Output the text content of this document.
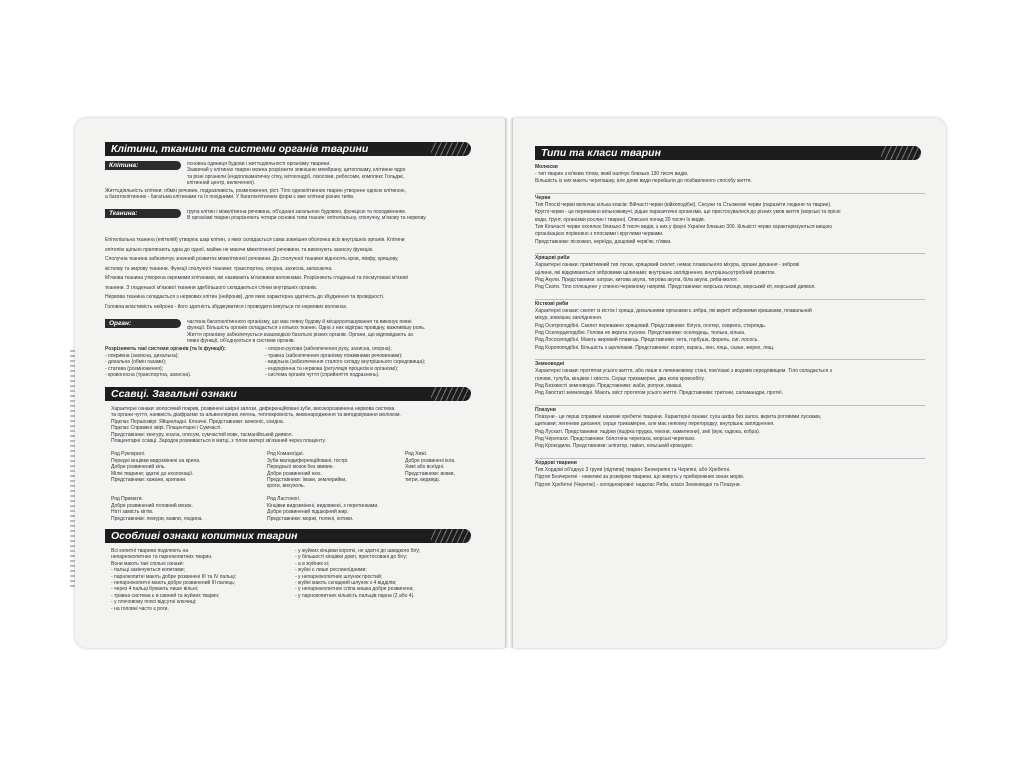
Клітини, тканини та системи органів тварини
Клітина:	основна одиниця будови і життєдіяльності організму тварини.
Зазвичай у клітинах тварин можна розрізнити зовнішню мембрану, цитоплазму, клітинне ядро
та різні органели (ендоплазматичну сітку, мітохондрії, лізосоми, рибосоми, комплекс Гольджі,
клітинний центр, включення).
Життєдіяльність клітини: обмін речовин, подразливість, розмноження, ріст. Тіло одноклітинних тварин утворене однією клітиною,
а багатоклітинних - багатьма клітинами та їх похідними. У багатоклітинних форм є вже клітини різних типів.
Тканина:	група клітин і міжклітинна речовина, об'єднані загальною будовою, функцією та походженням.
В організмі тварин розрізняють чотири основні типи тканин: епітеліальну, сполучну, м'язову та нервову.
Епітеліальна тканина (епітелій) утворює шар клітин, з яких складається сама зовнішня оболонка всіх внутрішніх органів. Клітини
епітелію щільно прилягають одна до одної, майже не маючи міжклітинної речовини, та виконують захисну функцію.
Сполучна тканина забезпечує значний розвиток міжклітинної речовини. До сполучної тканини відносять кров, лімфу, хрящову,
кісткову та жирову тканини. Функції сполучної тканини: транспортна, опорна, захисна, запасаюча.
М'язова тканина утворена окремими клітинами, які називають м'язовими волокнами. Розрізняють гладенькі та посмуговані м'язові
тканини. З гладенької м'язової тканини здебільшого складаються стінки внутрішніх органів.
Нервова тканина складається з нервових клітин (нейронів), для яких характерна здатність до збудження та провідності.
Головна властивість нейрона - його здатність збуджуватися і проводити імпульси по нервових волокнах.
Орган:	частина багатоклітинного організму, що має певну будову й місцерозташування та виконує певні
функції. Більшість органів складається з кількох тканин. Одна з них відіграє провідну, важливішу роль.
Життя організму забезпечується взаємодією багатьох різних органів. Органи, що відповідають за
певні функції, об'єднуються в системи органів.
Розрізняють такі системи органів (та їх функції):	- опорно-рухова (забезпечення руху, захисна, опорна);
- покривна (захисна, дихальна);	- травна (забезпечення організму поживними речовинами);
- дихальна (обмін газами);	- видільна (забезпечення сталого складу внутрішнього середовища);
- статева (розмноження);	- ендокринна та нервова (регуляція процесів в організмі);
- кровоносна (транспортна, захисна).	- система органів чуття (сприйняття подразнень).
Ссавці. Загальні ознаки
Характерні ознаки: волосяний покрив, розвинені шкірні залози, диференційовані зуби, високорозвинена нервова система
та органи чуття, наявність діафрагми та альвеолярних легень, теплокровність, живонародження та вигодовування молоком.
Підклас Першозвірі: Яйцекладні. Клоачні. Представники: качконіс, єхидна.
Підклас Справжні звірі. Плацентарні і Сумчасті.
Представники: кенгуру, коала, опосум, сумчастий вовк, тасманійський диявол.
Плацентарні ссавці. Зародок розвивається в матці, з тілом матері зв'язаний через плаценту.
Ряд Рукокрилі.
Передні кінцівки видозмінені на крила.
Добре розвинений кіль.
Мілкі тварини; здатні до ехолокації.
Представники: кажани, крилани.
Ряд Комахоїдні.
Зуби малодиференційовані, гострі.
Передньої мозок без звивин.
Добре розвинений нюх.
Представники: їжаки, землерийки,
кроти, вихухоль.
Ряд Хижі.
Добре розвинені ікла.
Хижі або всеїдні.
Представники: вовки,
тигри, ведмеді.
Ряд Примати.
Добре розвинений головний мозок.
Нігті замість кігтів.
Представники: лемури, мавпи, людина.
Ряд Ластоногі.
Кінцівки видозмінені, видовжені, з перетинками.
Добре розвинений підшкірний жир.
Представники: моржі, тюлені, котики.
Особливі ознаки копитних тварин
Всі копитні тварини поділяють на
непарнокопитних та парнокопитних тварин.
Вони мають такі спільні ознаки:
- пальці закінчуються копитами;
- парнокопитні мають добре розвинені III та IV пальці;
- непарнокопитні мають добре розвинений III палець;
- через 4 пальці бувають лише вільні;
- травна система є в свиней та жуйних тварин;
- у плечовому поясі відсутні ключиці;
- на головні часто є роги.
- у жуйних кінцівки короткі, не здатні до швидкого бігу;
- у більшості кінцівки довгі, пристосовані до бігу;
- а в жуйних кі;
- жуйні є лише рослиноїдними;
- у непарнокопитних шлунок простий;
- жуйні мають складний шлунок з 4 відділів;
- у непарнокопитних сліпа кишка добре розвинена;
- у парнокопитних кількість пальців парна (2 або 4).
Типи та класи тварин
Молюски
- тип тварин з м'яким тілом, який налічує близько 130 тисяч видів.
Більшість із них мають черепашку, але деякі види перейшли до позбавленого способу життя.
Черви
Тип Плоскі черви включає кілька класів: Війчасті черви (війкоподібні), Сисуни та Стьожкові черви (паразити людини та тварин).
Круглі черви - це переважно вільноживучі, рідше паразитичні організми, що пристосувалися до різних умов життя (морські та прісні
води, ґрунт, організми рослин і тварин). Описано понад 20 тисяч їх видів.
Тип Кільчасті черви охоплює близько 8 тисяч видів, з них у фауні України близько 300. Кількісті черви характеризуються вищою
організацією порівняно з плоскими і круглими червами.
Представники: піскожил, нереїда, дощовий черв'як, п'явки.
Хрящові риби
Характерні ознаки: примітивний тип луски, хрящовий скелет, немає плавального міхура, органи дихання - зяброві
щілини, які відкриваються зябровими щілинами; внутрішнє запліднення, внутрішньоутробний розвиток.
Ряд Акули. Представники: катран, китова акула, тигрова акула, біла акула, риба-молот.
Ряд Скати. Тіло сплющене у спинно-черевному напрямі. Представники: морська лисиця, морський кіт, морський диявол.
Кісткові риби
Характерні ознаки: скелет із кісток і хряща, дихальними органами є зябра, які вкриті зябровими кришками, плавальний
міхур, зовнішнє запліднення.
Ряд Осетроподібні. Скелет переважно хрящовий. Представники: білуга, осетер, севрюга, стерлядь.
Ряд Оселедцеподібні. Голова не вкрита лускою. Представники: оселедець, тюлька, кілька.
Ряд Лососеподібні. Мають жировий плавець. Представники: кета, горбуша, форель, сиг, лосось.
Ряд Коропоподібні. Більшість з щелепами. Представники: короп, карась, лин, ляць, сазан, жерех, лящ.
Земноводні
Характерні ознаки: протягом усього життя, або лише в личинковому стані, пов'язані з водним середовищем. Тіло складається з
голови, тулуба, кінцівок і хвоста. Серце трикамерне, два кола кровообігу.
Ряд Безхвості земноводні. Представники: жаби, ропухи, квакші.
Ряд Хвостаті земноводні. Мають хвіст протягом усього життя. Представники: тритони, саламандри, протеї.
Плазуни
Плазуни - це перші справжні наземні хребетні тварини. Характерні ознаки: суха шкіра без залоз, вкрита роговими лусками,
щитками; легеневе дихання; серце трикамерне, але має неповну перегородку; внутрішнє запліднення.
Ряд Лускаті. Представники: ящірки (ящірка прудка, гекони, хамелеони), змії (вуж, гадюка, кобра).
Ряд Черепахи. Представники: болотяна черепаха, морські черепахи.
Ряд Крокодили. Представники: алігатор, гавіал, нільський крокодил.
Хордові тварини
Тип Хордові об'єднує 3 групи (підтипи) тварин: Безчерепні та Черепні, або Хребетні.
Підтип Безчерепні - невеликі за розміром тварини, що живуть у прибережних зонах морів.
Підтип Хребетні (Черепні) - холоднокровні: надклас Риби, класи Земноводні та Плазуни.
